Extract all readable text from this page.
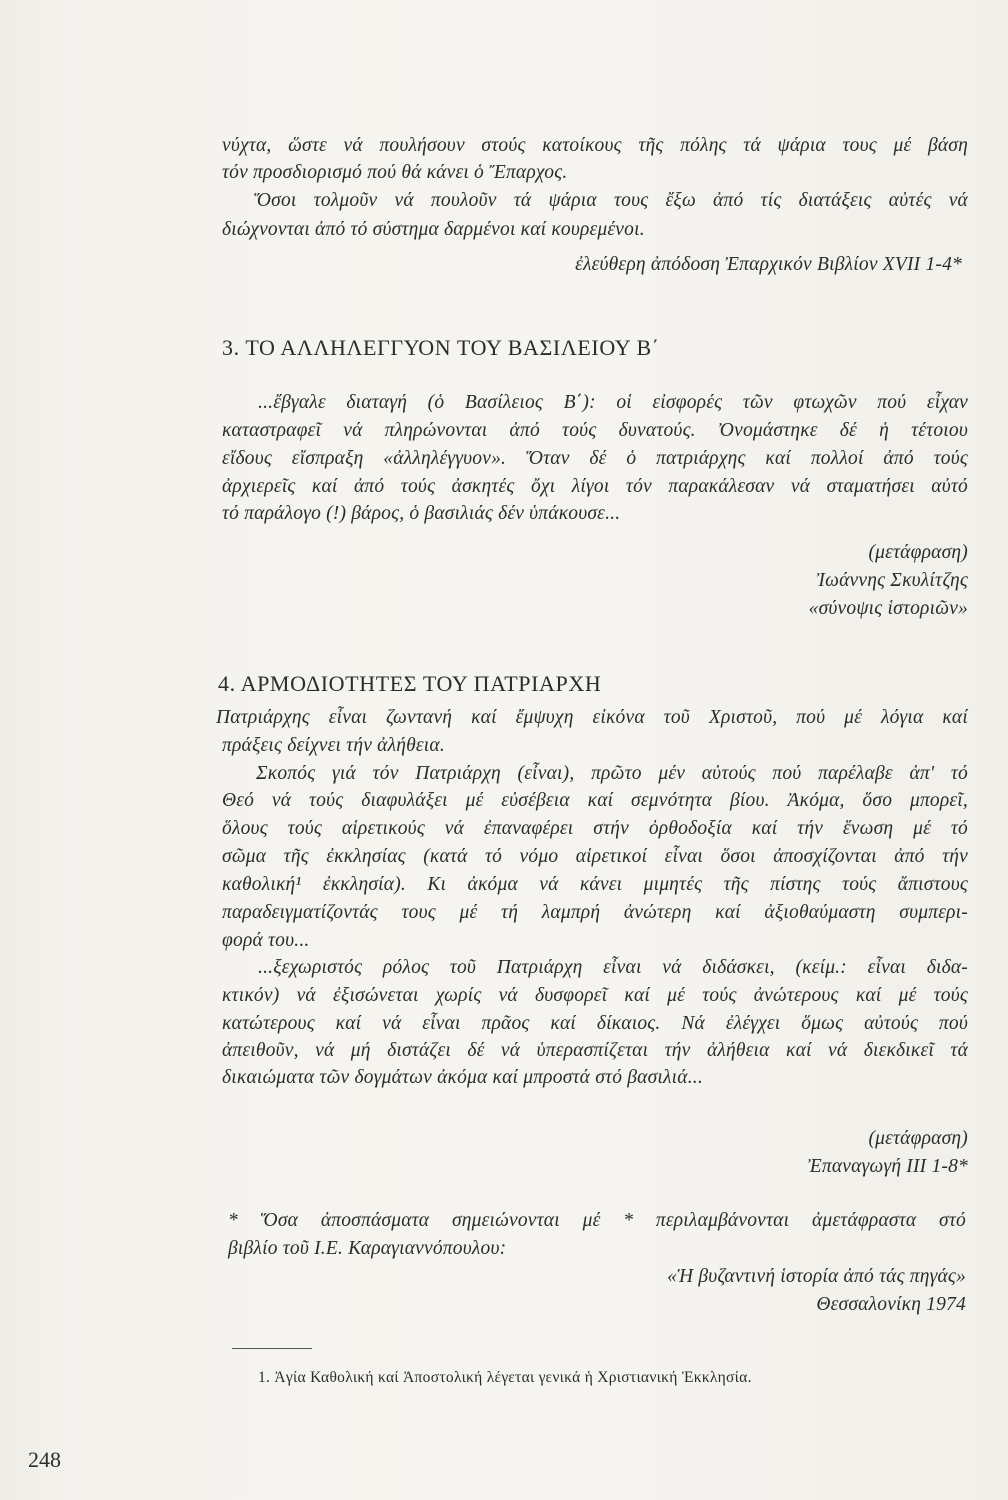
νύχτα, ὥστε νά πουλήσουν στούς κατοίκους τῆς πόλης τά ψάρια τους μέ βάση
τόν προσδιορισμό πού θά κάνει ὁ Ἔπαρχος.
Ὅσοι τολμοῦν νά πουλοῦν τά ψάρια τους ἔξω ἀπό τίς διατάξεις αὐτές νά
διώχνονται ἀπό τό σύστημα δαρμένοι καί κουρεμένοι.
ἐλεύθερη ἀπόδοση Ἐπαρχικόν Βιβλίον XVII 1-4*
3. ΤΟ ΑΛΛΗΛΕΓΓΥΟΝ ΤΟΥ ΒΑΣΙΛΕΙΟΥ Β΄
...ἔβγαλε διαταγή (ὁ Βασίλειος Β΄): οἱ εἰσφορές τῶν φτωχῶν πού εἶχαν
καταστραφεῖ νά πληρώνονται ἀπό τούς δυνατούς. Ὀνομάστηκε δέ ἡ τέτοιου
εἴδους εἴσπραξη «ἀλληλέγγυον». Ὅταν δέ ὁ πατριάρχης καί πολλοί ἀπό τούς
ἀρχιερεῖς καί ἀπό τούς ἀσκητές ὄχι λίγοι τόν παρακάλεσαν νά σταματήσει αὐτό
τό παράλογο (!) βάρος, ὁ βασιλιάς δέν ὑπάκουσε...
(μετάφραση)
Ἰωάννης Σκυλίτζης
«σύνοψις ἱστοριῶν»
4. ΑΡΜΟΔΙΟΤΗΤΕΣ ΤΟΥ ΠΑΤΡΙΑΡΧΗ
Πατριάρχης εἶναι ζωντανή καί ἔμψυχη εἰκόνα τοῦ Χριστοῦ, πού μέ λόγια καί
πράξεις δείχνει τήν ἀλήθεια.
Σκοπός γιά τόν Πατριάρχη (εἶναι), πρῶτο μέν αὐτούς πού παρέλαβε ἀπ' τό
Θεό νά τούς διαφυλάξει μέ εὐσέβεια καί σεμνότητα βίου. Ἀκόμα, ὅσο μπορεῖ,
ὅλους τούς αἱρετικούς νά ἐπαναφέρει στήν ὀρθοδοξία καί τήν ἕνωση μέ τό
σῶμα τῆς ἐκκλησίας (κατά τό νόμο αἱρετικοί εἶναι ὅσοι ἀποσχίζονται ἀπό τήν
καθολική¹ ἐκκλησία). Κι ἀκόμα νά κάνει μιμητές τῆς πίστης τούς ἄπιστους
παραδειγματίζοντάς τους μέ τή λαμπρή ἀνώτερη καί ἀξιοθαύμαστη συμπερι-
φορά του...
...ξεχωριστός ρόλος τοῦ Πατριάρχη εἶναι νά διδάσκει, (κείμ.: εἶναι διδα-
κτικόν) νά ἐξισώνεται χωρίς νά δυσφορεῖ καί μέ τούς ἀνώτερους καί μέ τούς
κατώτερους καί νά εἶναι πρᾶος καί δίκαιος. Νά ἐλέγχει ὅμως αὐτούς πού
ἀπειθοῦν, νά μή διστάζει δέ νά ὑπερασπίζεται τήν ἀλήθεια καί νά διεκδικεῖ τά
δικαιώματα τῶν δογμάτων ἀκόμα καί μπροστά στό βασιλιά...
(μετάφραση)
Ἐπαναγωγή III 1-8*
* Ὅσα ἀποσπάσματα σημειώνονται μέ * περιλαμβάνονται ἀμετάφραστα στό
βιβλίο τοῦ Ι.Ε. Καραγιαννόπουλου:
«Ἡ βυζαντινή ἱστορία ἀπό τάς πηγάς»
Θεσσαλονίκη 1974
1. Ἁγία Καθολική καί Ἀποστολική λέγεται γενικά ἡ Χριστιανική Ἐκκλησία.
248
